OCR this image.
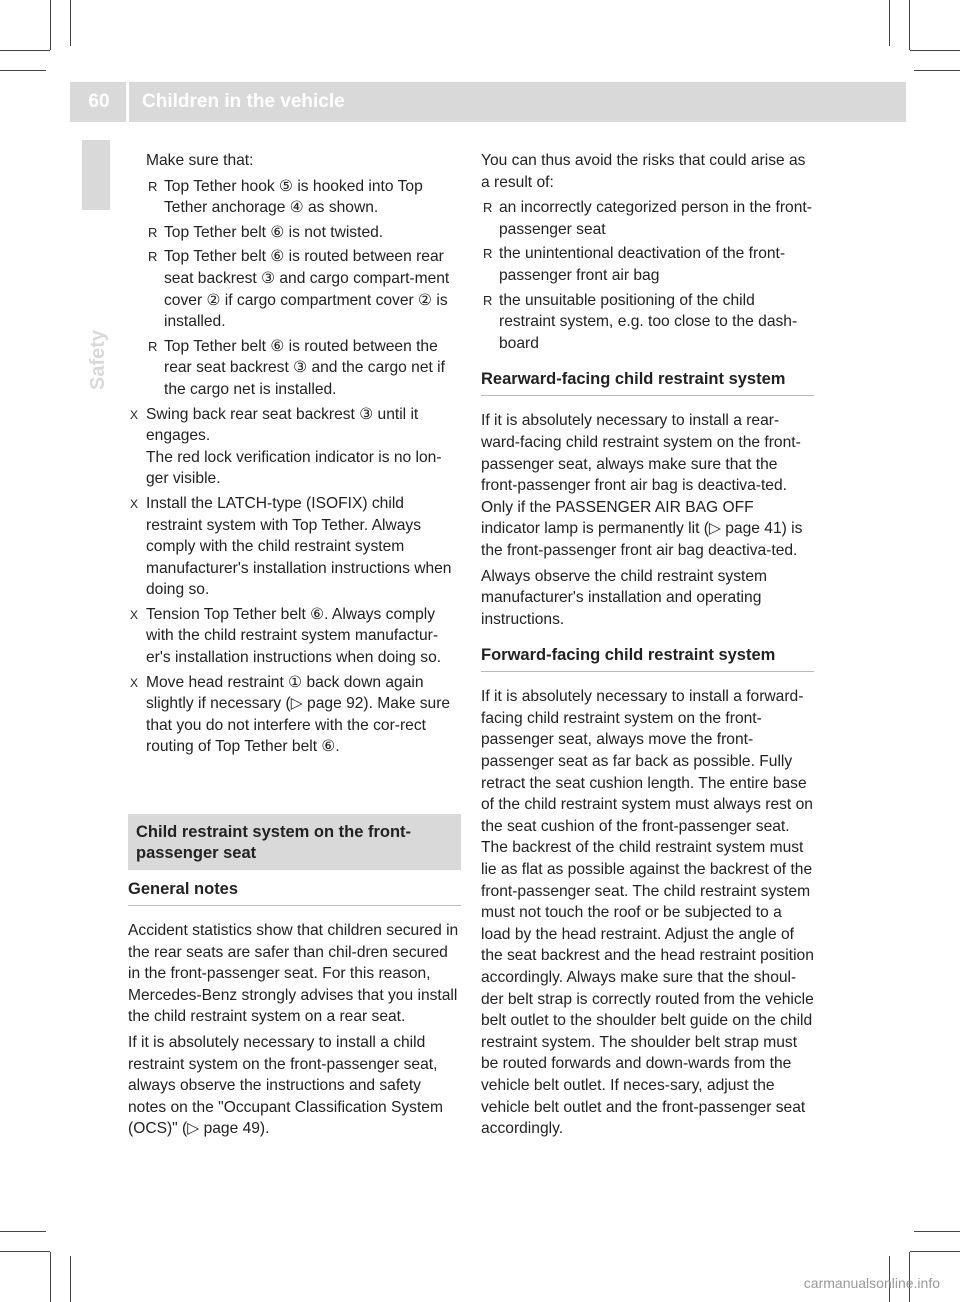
60	Children in the vehicle
Safety

Make sure that:

R Top Tether hook ⑤ is hooked into Top Tether anchorage ④ as shown.
R Top Tether belt ⑥ is not twisted.
R Top Tether belt ⑥ is routed between rear seat backrest ③ and cargo compart-ment cover ② if cargo compartment cover ② is installed.
R Top Tether belt ⑥ is routed between the rear seat backrest ③ and the cargo net if the cargo net is installed.
X Swing back rear seat backrest ③ until it engages.
The red lock verification indicator is no lon-ger visible.
X Install the LATCH-type (ISOFIX) child restraint system with Top Tether. Always comply with the child restraint system manufacturer's installation instructions when doing so.
X Tension Top Tether belt ⑥. Always comply with the child restraint system manufactur-er's installation instructions when doing so.
X Move head restraint ① back down again slightly if necessary (▷ page 92). Make sure that you do not interfere with the cor-rect routing of Top Tether belt ⑥.
Child restraint system on the front-passenger seat
General notes

Accident statistics show that children secured in the rear seats are safer than chil-dren secured in the front-passenger seat. For this reason, Mercedes-Benz strongly advises that you install the child restraint system on a rear seat.

If it is absolutely necessary to install a child restraint system on the front-passenger seat, always observe the instructions and safety notes on the "Occupant Classification System (OCS)" (▷ page 49).

You can thus avoid the risks that could arise as a result of:

R an incorrectly categorized person in the front-passenger seat
R the unintentional deactivation of the front-passenger front air bag
R the unsuitable positioning of the child restraint system, e.g. too close to the dash-board
Rearward-facing child restraint system

If it is absolutely necessary to install a rear-ward-facing child restraint system on the front-passenger seat, always make sure that the front-passenger front air bag is deactiva-ted. Only if the PASSENGER AIR BAG OFF indicator lamp is permanently lit (▷ page 41) is the front-passenger front air bag deactiva-ted.

Always observe the child restraint system manufacturer's installation and operating instructions.

Forward-facing child restraint system

If it is absolutely necessary to install a forward-facing child restraint system on the front-passenger seat, always move the front-passenger seat as far back as possible. Fully retract the seat cushion length. The entire base of the child restraint system must always rest on the seat cushion of the front-passenger seat. The backrest of the child restraint system must lie as flat as possible against the backrest of the front-passenger seat. The child restraint system must not touch the roof or be subjected to a load by the head restraint. Adjust the angle of the seat backrest and the head restraint position accordingly. Always make sure that the shoul-der belt strap is correctly routed from the vehicle belt outlet to the shoulder belt guide on the child restraint system. The shoulder belt strap must be routed forwards and down-wards from the vehicle belt outlet. If neces-sary, adjust the vehicle belt outlet and the front-passenger seat accordingly.

carmanualsonline.info
